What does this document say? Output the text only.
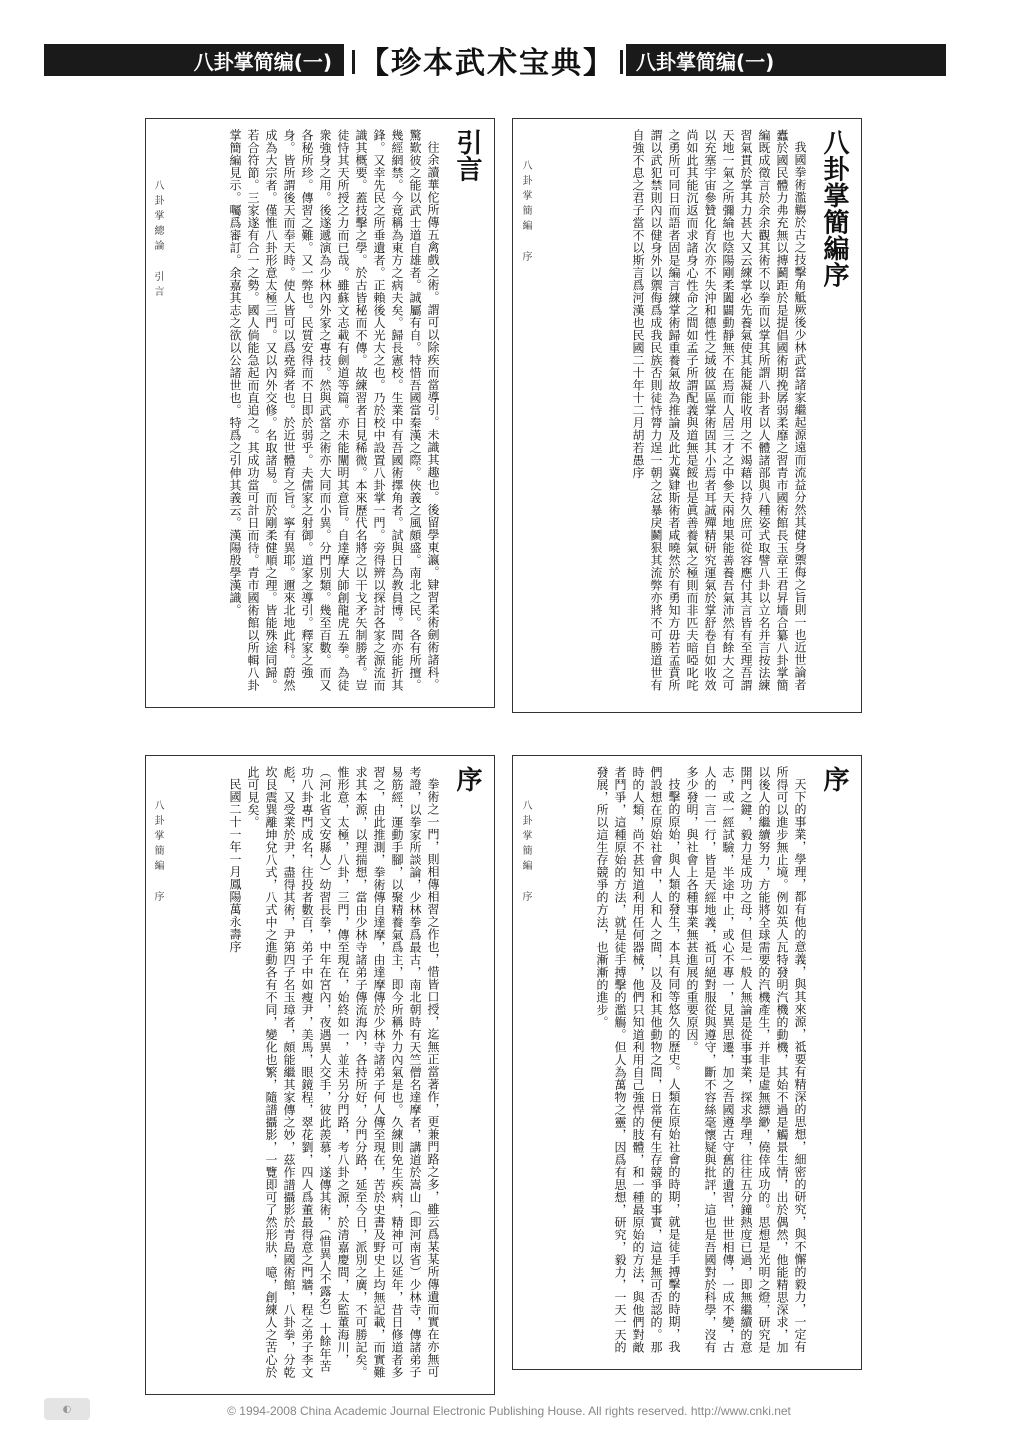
八卦掌简编(一) 【珍本武术宝典】 八卦掌简编(一)
八卦掌簡編序

我國拳術濫觴於古之技擊角觝厥後少林武當諸家繼起源遠而流益分然其健身禦侮之旨則一也近世論者蠹於國民體力弗充無以摶鬬距於是提倡國術期挽孱弱柔靡之習青市國術館長玉章王君昇墻合纂八卦掌簡編既成徵言於余余觀其術不以拳而以掌其所謂八卦者以人體諸部與八種姿式取譬八卦以立名并言按法練習氣貫於掌其力甚大又云練掌必先養氣使其能凝能收用之不竭藉以持久庶可從容應付其言皆有至理吾謂天地一氣之所彌綸也陰陽剛柔闔闢動靜無不在焉而人居三才之中參天兩地果能善養吾氣沛然有餘大之可以充塞宇宙參贊化育次亦不失沖和德性之域彼區區掌術固其小焉者耳誠殫精研究運氣於掌舒卷自如收效尚如此其能沉返而求諸身心性命之間如孟子所謂配義與道無是餒也是眞善養氣之極則而非匹夫暗啞叱咤之勇所可同日而語者固是編言練掌術歸重養氣故為推論及此尤冀肄斯術者咸曉然於有勇知方毋若孟賁所謂以武犯禁則內以健身外以禦侮爲成我民族否則徒恃膂力逞一朝之忿暴戾鬬狠其流弊亦將不可勝道世有自強不息之君子當不以斯言爲河漢也民國二十年十二月胡若愚序

八卦掌簡編 序
引言

往余讀華佗所傳五禽戲之術。謂可以除疾而當導引。未識其趣也。後留學東瀛。肄習柔術劍術諸科。驚歎彼之能以武士道自雄者。誠屬有自。特惜吾國當秦漢之際。俠義之風頗盛。南北之民。各有所擅。幾經網禁。今竟稱為東方之病夫矣。歸長憲校。生業中有吾國術擇角者。試與日為教員博。間亦能折其鋒。又幸先民之所垂遺者。正賴後人光大之也。乃於校中設置八卦掌一門。旁得辨以探討各家之源流而識其概要。蓋技擊之學。於古皆秘而不傳。故練習者日見稀微。本來歷代名將之以干戈矛矢制勝者。豈徒恃其天所授之力而已哉。雖蘇文志載有劍道等篇。亦未能闡明其意旨。自達摩大師創龍虎五拳。為徒衆強身之用。後遂遞演為少林內外家之專技。然與武當之術亦大同而小異。分門別類。幾至百數。而又各秘所珍。傳習之難。又一弊也。民質安得而不日即於弱乎。夫儒家之射御。道家之導引。釋家之強身。皆所謂後天而奉天時。使人皆可以爲堯舜者也。於近世體育之旨。寧有異耶。邇來北地此科。蔚然成為大宗者。僅惟八卦形意太極三門。又以內外交修。名取諸易。而於剛柔健順之理。皆能殊途同歸。若合符節。三家遂有合一之勢。國人倘能急起而直追之。其成功當可計日而待。青市國術館以所輯八卦掌簡編見示。囑爲審訂。余嘉其志之欲以公諸世也。特爲之引伸其義云。漢陽殷學漢識。

八卦掌總論 引言
序

天下的事業，學理，都有他的意義，與其來源，祗要有精深的思想，細密的研究，與不懈的毅力，一定有所得可以進步無止境。例如英人瓦特發明汽機的動機，其始不過是觸景生情，出於偶然，他能精思深求，加以後人的繼續努力，方能將全球需要的汽機產生，并非是虛無縹緲，僥倖成功的。思想是光明之燈，研究是開門之鍵，毅力是成功之母，但是一般人無論是從事事業，探求學理，往往五分鐘熱度已過，即無繼續的意志，或一經試驗，半途中止，或心不專一，見異思遷，加之吾國遵古守舊的遺習，世世相傳，一成不變，古人的一言一行，皆是天經地義，祗可絕對服從與遵守，斷不容絲毫懷疑與批評，這也是吾國對於科學，沒有多少發明，與社會上各種事業無甚進展的重要原因。

技擊的原始，與人類的發生，本具有同等悠久的歷史。人類在原始社會的時期，就是徒手搏擊的時期，我們設想在原始社會中，人和人之間，以及和其他動物之間，日常便有生存競爭的事實，這是無可否認的。那時的人類，尚不甚知道利用任何器械，他們只知道利用自己強悍的肢體，和一種最原始的方法，與他們對敵者鬥爭，這種原始的方法，就是徒手搏擊的濫觴。但人為萬物之靈，因爲有思想，研究，毅力，一天一天的發展，所以這生存競爭的方法，也漸漸的進步。

八卦掌簡編 序
序

拳術之一門，則相傳相習之作也，惜皆口授，迄無正當著作，更兼門路之多，雖云爲某某所傳遺而實在亦無可考證，以拳家所談論，少林拳爲最古，南北朝時有天竺僧名達摩者，講道於嵩山（即河南省）少林寺，傳諸弟子易筋經，運動手腳，以聚精養氣爲主，即今所稱外力內氣是也。久練則免生疾病，精神可以延年，昔日修道者多習之，由此推測，拳術傳自達摩，由達摩傳於少林寺諸弟子何人傳至現在，苦於史書及野史上均無記載，而實難求其本源，以理揣想，當由少林寺諸弟子傳流海內，各持所好，分門分路，延至今日，派別之廣，不可勝記矣。惟形意，太極，八卦，三門，傳至現在，始終如一，並未另分門路，考八卦之源，於清嘉慶間，太監董海川，（河北省文安縣人）幼習長拳，中年在宮內，夜遇異人交手，彼此羨慕，遂傳其術，（惜異人不露名）十餘年苦功八卦專門成名，往投者數百，弟子中如瘦尹，美馬，眼鏡程，翠花劉，四人爲董最得意之門牆，程之弟子李文彪，又受業於尹，盡得其術，尹第四子名玉璋者，頗能繼其家傳之妙，茲作譜攝影於青島國術館，八卦拳，分乾坎艮震巽離坤兌八式，八式中之進動各有不同，變化也繁，隨譜攝影，一覽即可了然形狀，噫，創練人之苦心於此可見矣。

民國二十一年一月鳳陽萬永壽序

八卦掌簡編 序
◐	© 1994-2008 China Academic Journal Electronic Publishing House. All rights reserved. http://www.cnki.net
